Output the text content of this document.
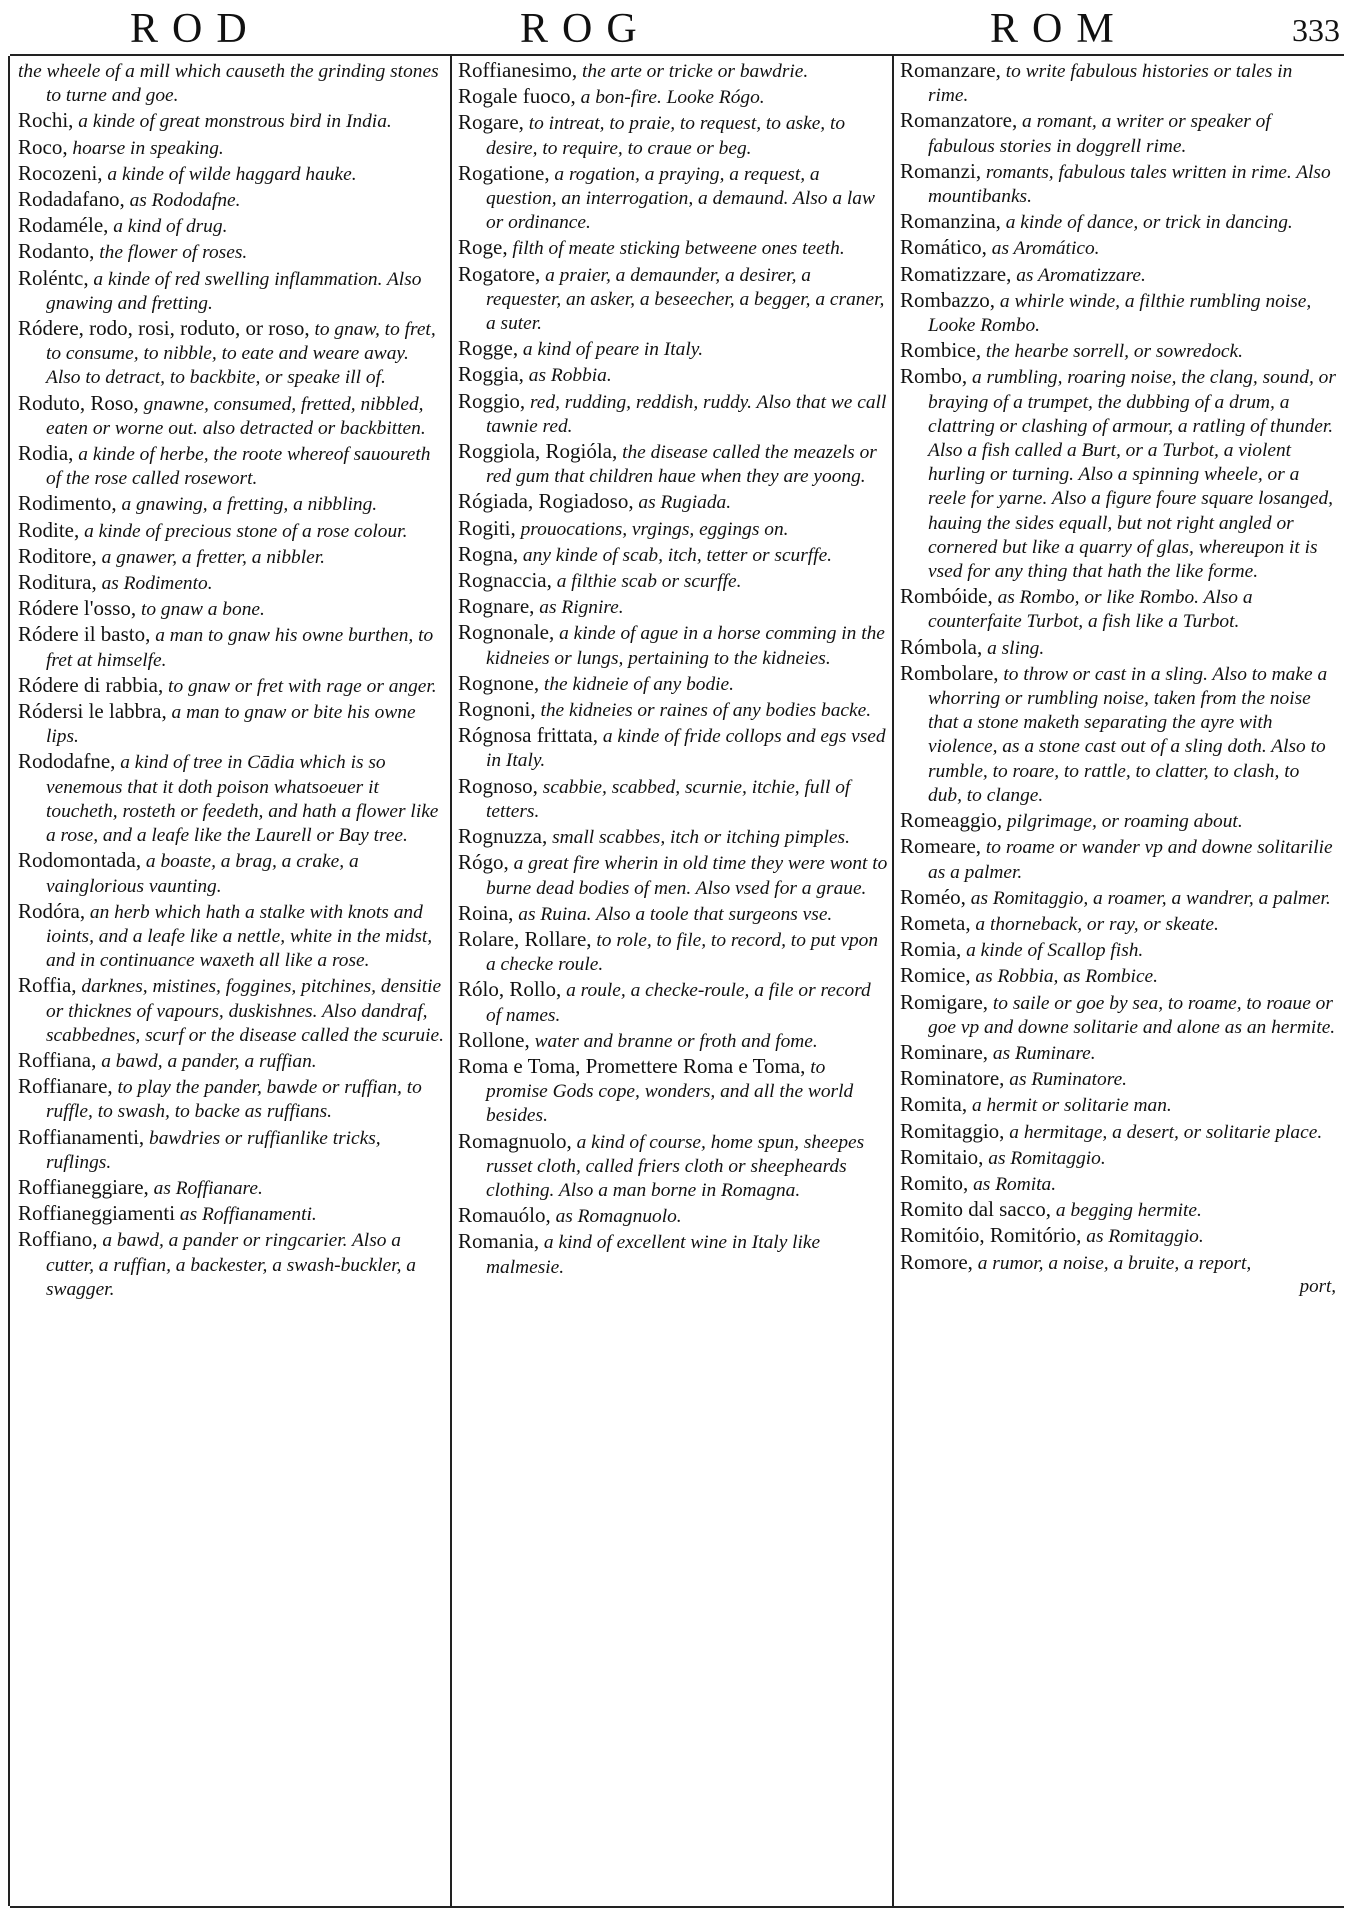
ROD	ROG	ROM	333

the wheele of a mill which causeth the grinding stones to turne and goe.

Rochi, a kinde of great monstrous bird in India.

Roco, hoarse in speaking.

Rocozeni, a kinde of wilde haggard hauke.

Rodadafano, as Rododafne.

Rodaméle, a kind of drug.

Rodanto, the flower of roses.

Roléntc, a kinde of red swelling inflammation. Also gnawing and fretting.

Ródere, rodo, rosi, roduto, or roso, to gnaw, to fret, to consume, to nibble, to eate and weare away. Also to detract, to backbite, or speake ill of.

Roduto, Roso, gnawne, consumed, fretted, nibbled, eaten or worne out. also detracted or backbitten.

Rodia, a kinde of herbe, the roote whereof sauoureth of the rose called rosewort.

Rodimento, a gnawing, a fretting, a nibbling.

Rodite, a kinde of precious stone of a rose colour.

Roditore, a gnawer, a fretter, a nibbler.

Roditura, as Rodimento.

Ródere l'osso, to gnaw a bone.

Ródere il basto, a man to gnaw his owne burthen, to fret at himselfe.

Ródere di rabbia, to gnaw or fret with rage or anger.

Ródersi le labbra, a man to gnaw or bite his owne lips.

Rododafne, a kind of tree in Cādia which is so venemous that it doth poison whatsoeuer it toucheth, rosteth or feedeth, and hath a flower like a rose, and a leafe like the Laurell or Bay tree.

Rodomontada, a boaste, a brag, a crake, a vainglorious vaunting.

Rodóra, an herb which hath a stalke with knots and ioints, and a leafe like a nettle, white in the midst, and in continuance waxeth all like a rose.

Roffia, darknes, mistines, foggines, pitchines, densitie or thicknes of vapours, duskishnes. Also dandraf, scabbednes, scurf or the disease called the scuruie.

Roffiana, a bawd, a pander, a ruffian.

Roffianare, to play the pander, bawde or ruffian, to ruffle, to swash, to backe as ruffians.

Roffianamenti, bawdries or ruffianlike tricks, ruflings.

Roffianeggiare, as Roffianare.

Roffianeggiamenti as Roffianamenti.

Roffiano, a bawd, a pander or ringcarier. Also a cutter, a ruffian, a backester, a swash-buckler, a swagger.

Roffianesimo, the arte or tricke or bawdrie.

Rogale fuoco, a bon-fire. Looke Rógo.

Rogare, to intreat, to praie, to request, to aske, to desire, to require, to craue or beg.

Rogatione, a rogation, a praying, a request, a question, an interrogation, a demaund. Also a law or ordinance.

Roge, filth of meate sticking betweene ones teeth.

Rogatore, a praier, a demaunder, a desirer, a requester, an asker, a beseecher, a begger, a craner, a suter.

Rogge, a kind of peare in Italy.

Roggia, as Robbia.

Roggio, red, rudding, reddish, ruddy. Also that we call tawnie red.

Roggiola, Rogióla, the disease called the meazels or red gum that children haue when they are yoong.

Rógiada, Rogiadoso, as Rugiada.

Rogiti, prouocations, vrgings, eggings on.

Rogna, any kinde of scab, itch, tetter or scurffe.

Rognaccia, a filthie scab or scurffe.

Rognare, as Rignire.

Rognonale, a kinde of ague in a horse comming in the kidneies or lungs, pertaining to the kidneies.

Rognone, the kidneie of any bodie.

Rognoni, the kidneies or raines of any bodies backe.

Rógnosa frittata, a kinde of fride collops and egs vsed in Italy.

Rognoso, scabbie, scabbed, scurnie, itchie, full of tetters.

Rognuzza, small scabbes, itch or itching pimples.

Rógo, a great fire wherin in old time they were wont to burne dead bodies of men. Also vsed for a graue.

Roina, as Ruina. Also a toole that surgeons vse.

Rolare, Rollare, to role, to file, to record, to put vpon a checke roule.

Rólo, Rollo, a roule, a checke-roule, a file or record of names.

Rollone, water and branne or froth and fome.

Roma e Toma, Promettere Roma e Toma, to promise Gods cope, wonders, and all the world besides.

Romagnuolo, a kind of course, home spun, sheepes russet cloth, called friers cloth or sheepheards clothing. Also a man borne in Romagna.

Romauólo, as Romagnuolo.

Romania, a kind of excellent wine in Italy like malmesie.

Romanzare, to write fabulous histories or tales in rime.

Romanzatore, a romant, a writer or speaker of fabulous stories in doggrell rime.

Romanzi, romants, fabulous tales written in rime. Also mountibanks.

Romanzina, a kinde of dance, or trick in dancing.

Romático, as Aromático.

Romatizzare, as Aromatizzare.

Rombazzo, a whirle winde, a filthie rumbling noise, Looke Rombo.

Rombice, the hearbe sorrell, or sowredock.

Rombo, a rumbling, roaring noise, the clang, sound, or braying of a trumpet, the dubbing of a drum, a clattring or clashing of armour, a ratling of thunder. Also a fish called a Burt, or a Turbot, a violent hurling or turning. Also a spinning wheele, or a reele for yarne. Also a figure foure square losanged, hauing the sides equall, but not right angled or cornered but like a quarry of glas, whereupon it is vsed for any thing that hath the like forme.

Rombóide, as Rombo, or like Rombo. Also a counterfaite Turbot, a fish like a Turbot.

Rómbola, a sling.

Rombolare, to throw or cast in a sling. Also to make a whorring or rumbling noise, taken from the noise that a stone maketh separating the ayre with violence, as a stone cast out of a sling doth. Also to rumble, to roare, to rattle, to clatter, to clash, to dub, to clange.

Romeaggio, pilgrimage, or roaming about.

Romeare, to roame or wander vp and downe solitarilie as a palmer.

Roméo, as Romitaggio, a roamer, a wandrer, a palmer.

Rometa, a thorneback, or ray, or skeate.

Romia, a kinde of Scallop fish.

Romice, as Robbia, as Rombice.

Romigare, to saile or goe by sea, to roame, to roaue or goe vp and downe solitarie and alone as an hermite.

Rominare, as Ruminare.

Rominatore, as Ruminatore.

Romita, a hermit or solitarie man.

Romitaggio, a hermitage, a desert, or solitarie place.

Romitaio, as Romitaggio.

Romito, as Romita.

Romito dal sacco, a begging hermite.

Romitóio, Romitório, as Romitaggio.

Romore, a rumor, a noise, a bruite, a report,

port,
